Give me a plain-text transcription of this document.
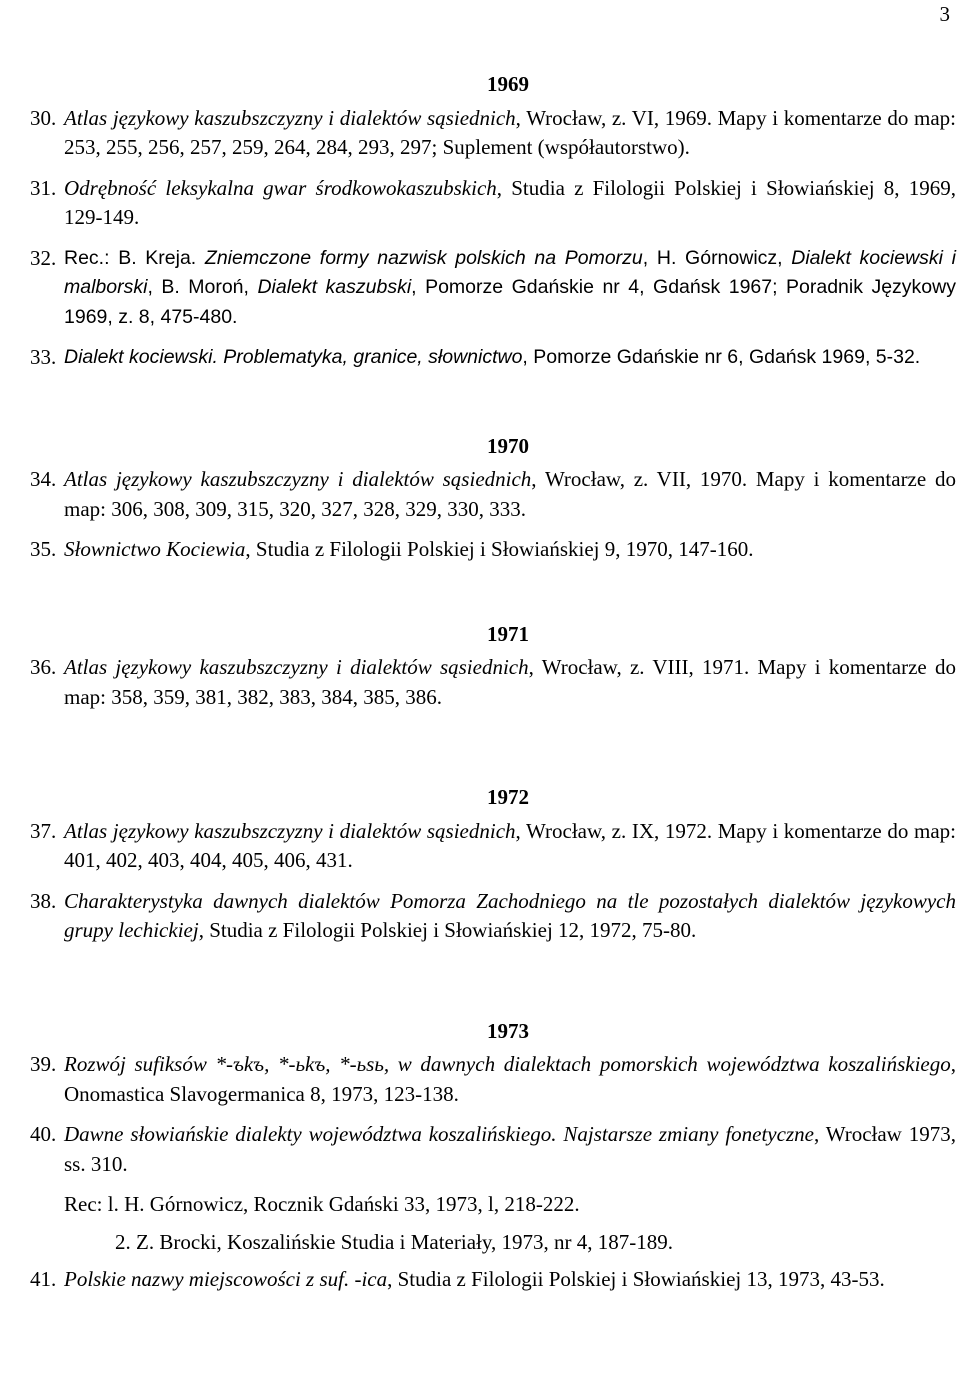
3
1969
30. Atlas językowy kaszubszczyzny i dialektów sąsiednich, Wrocław, z. VI, 1969. Mapy i komentarze do map: 253, 255, 256, 257, 259, 264, 284, 293, 297; Suplement (współautorstwo).
31. Odrębność leksykalna gwar środkowokaszubskich, Studia z Filologii Polskiej i Słowiańskiej 8, 1969, 129-149.
32. Rec.: B. Kreja. Zniemczone formy nazwisk polskich na Pomorzu, H. Górnowicz, Dialekt kociewski i malborski, B. Moroń, Dialekt kaszubski, Pomorze Gdańskie nr 4, Gdańsk 1967; Poradnik Językowy 1969, z. 8, 475-480.
33. Dialekt kociewski. Problematyka, granice, słownictwo, Pomorze Gdańskie nr 6, Gdańsk 1969, 5-32.
1970
34. Atlas językowy kaszubszczyzny i dialektów sąsiednich, Wrocław, z. VII, 1970. Mapy i komentarze do map: 306, 308, 309, 315, 320, 327, 328, 329, 330, 333.
35. Słownictwo Kociewia, Studia z Filologii Polskiej i Słowiańskiej 9, 1970, 147-160.
1971
36. Atlas językowy kaszubszczyzny i dialektów sąsiednich, Wrocław, z. VIII, 1971. Mapy i komentarze do map: 358, 359, 381, 382, 383, 384, 385, 386.
1972
37. Atlas językowy kaszubszczyzny i dialektów sąsiednich, Wrocław, z. IX, 1972. Mapy i komentarze do map: 401, 402, 403, 404, 405, 406, 431.
38. Charakterystyka dawnych dialektów Pomorza Zachodniego na tle pozostałych dialektów językowych grupy lechickiej, Studia z Filologii Polskiej i Słowiańskiej 12, 1972, 75-80.
1973
39. Rozwój sufiksów *-ъkъ, *-ьkъ, *-ьsь, w dawnych dialektach pomorskich województwa koszalińskiego, Onomastica Slavogermanica 8, 1973, 123-138.
40. Dawne słowiańskie dialekty województwa koszalińskiego. Najstarsze zmiany fonetyczne, Wrocław 1973, ss. 310.
Rec: l. H. Górnowicz, Rocznik Gdański 33, 1973, l, 218-222.
2. Z. Brocki, Koszalińskie Studia i Materiały, 1973, nr 4, 187-189.
41. Polskie nazwy miejscowości z suf. -ica, Studia z Filologii Polskiej i Słowiańskiej 13, 1973, 43-53.
